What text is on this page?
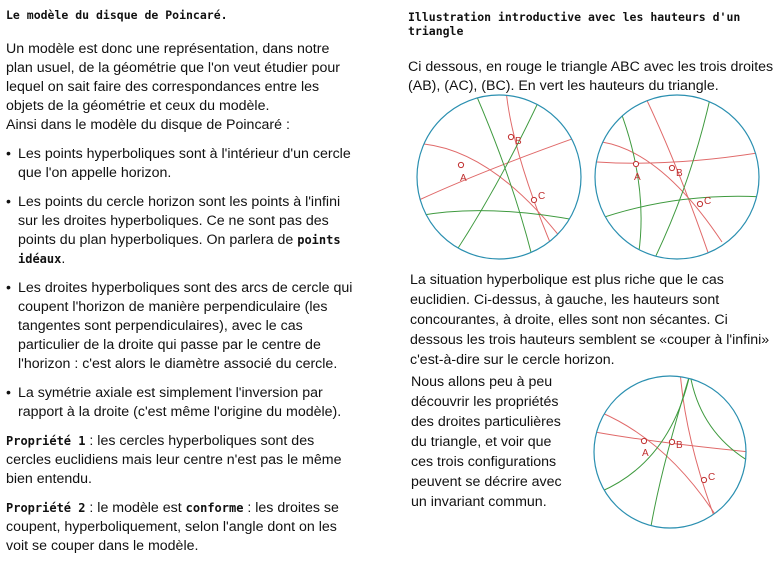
Le modèle du disque de Poincaré.

Un modèle est donc une représentation, dans notre plan usuel, de la géométrie que l'on veut étudier pour lequel on sait faire des correspondances entre les objets de la géométrie et ceux du modèle.

Ainsi dans le modèle du disque de Poincaré :

• Les points hyperboliques sont à l'intérieur d'un cercle que l'on appelle horizon.
• Les points du cercle horizon sont les points à l'infini sur les droites hyperboliques. Ce ne sont pas des points du plan hyperboliques. On parlera de points idéaux.
• Les droites hyperboliques sont des arcs de cercle qui coupent l'horizon de manière perpendiculaire (les tangentes sont perpendiculaires), avec le cas particulier de la droite qui passe par le centre de l'horizon : c'est alors le diamètre associé du cercle.
• La symétrie axiale est simplement l'inversion par rapport à la droite (c'est même l'origine du modèle).

Propriété 1 : les cercles hyperboliques sont des cercles euclidiens mais leur centre n'est pas le même bien entendu.

Propriété 2 : le modèle est conforme : les droites se coupent, hyperboliquement, selon l'angle dont on les voit se couper dans le modèle.

Illustration introductive avec les hauteurs d'un triangle

Ci dessous, en rouge le triangle ABC avec les trois droites (AB), (AC), (BC). En vert les hauteurs du triangle.

A
B
C
A	B
C

La situation hyperbolique est plus riche que le cas euclidien. Ci-dessus, à gauche, les hauteurs sont concourantes, à droite, elles sont non sécantes. Ci dessous les trois hauteurs semblent se «couper à l'infini» c'est-à-dire sur le cercle horizon.

Nous allons peu à peu découvrir les propriétés des droites particulières du triangle, et voir que ces trois configurations peuvent se décrire avec un invariant commun.

A
B
C
